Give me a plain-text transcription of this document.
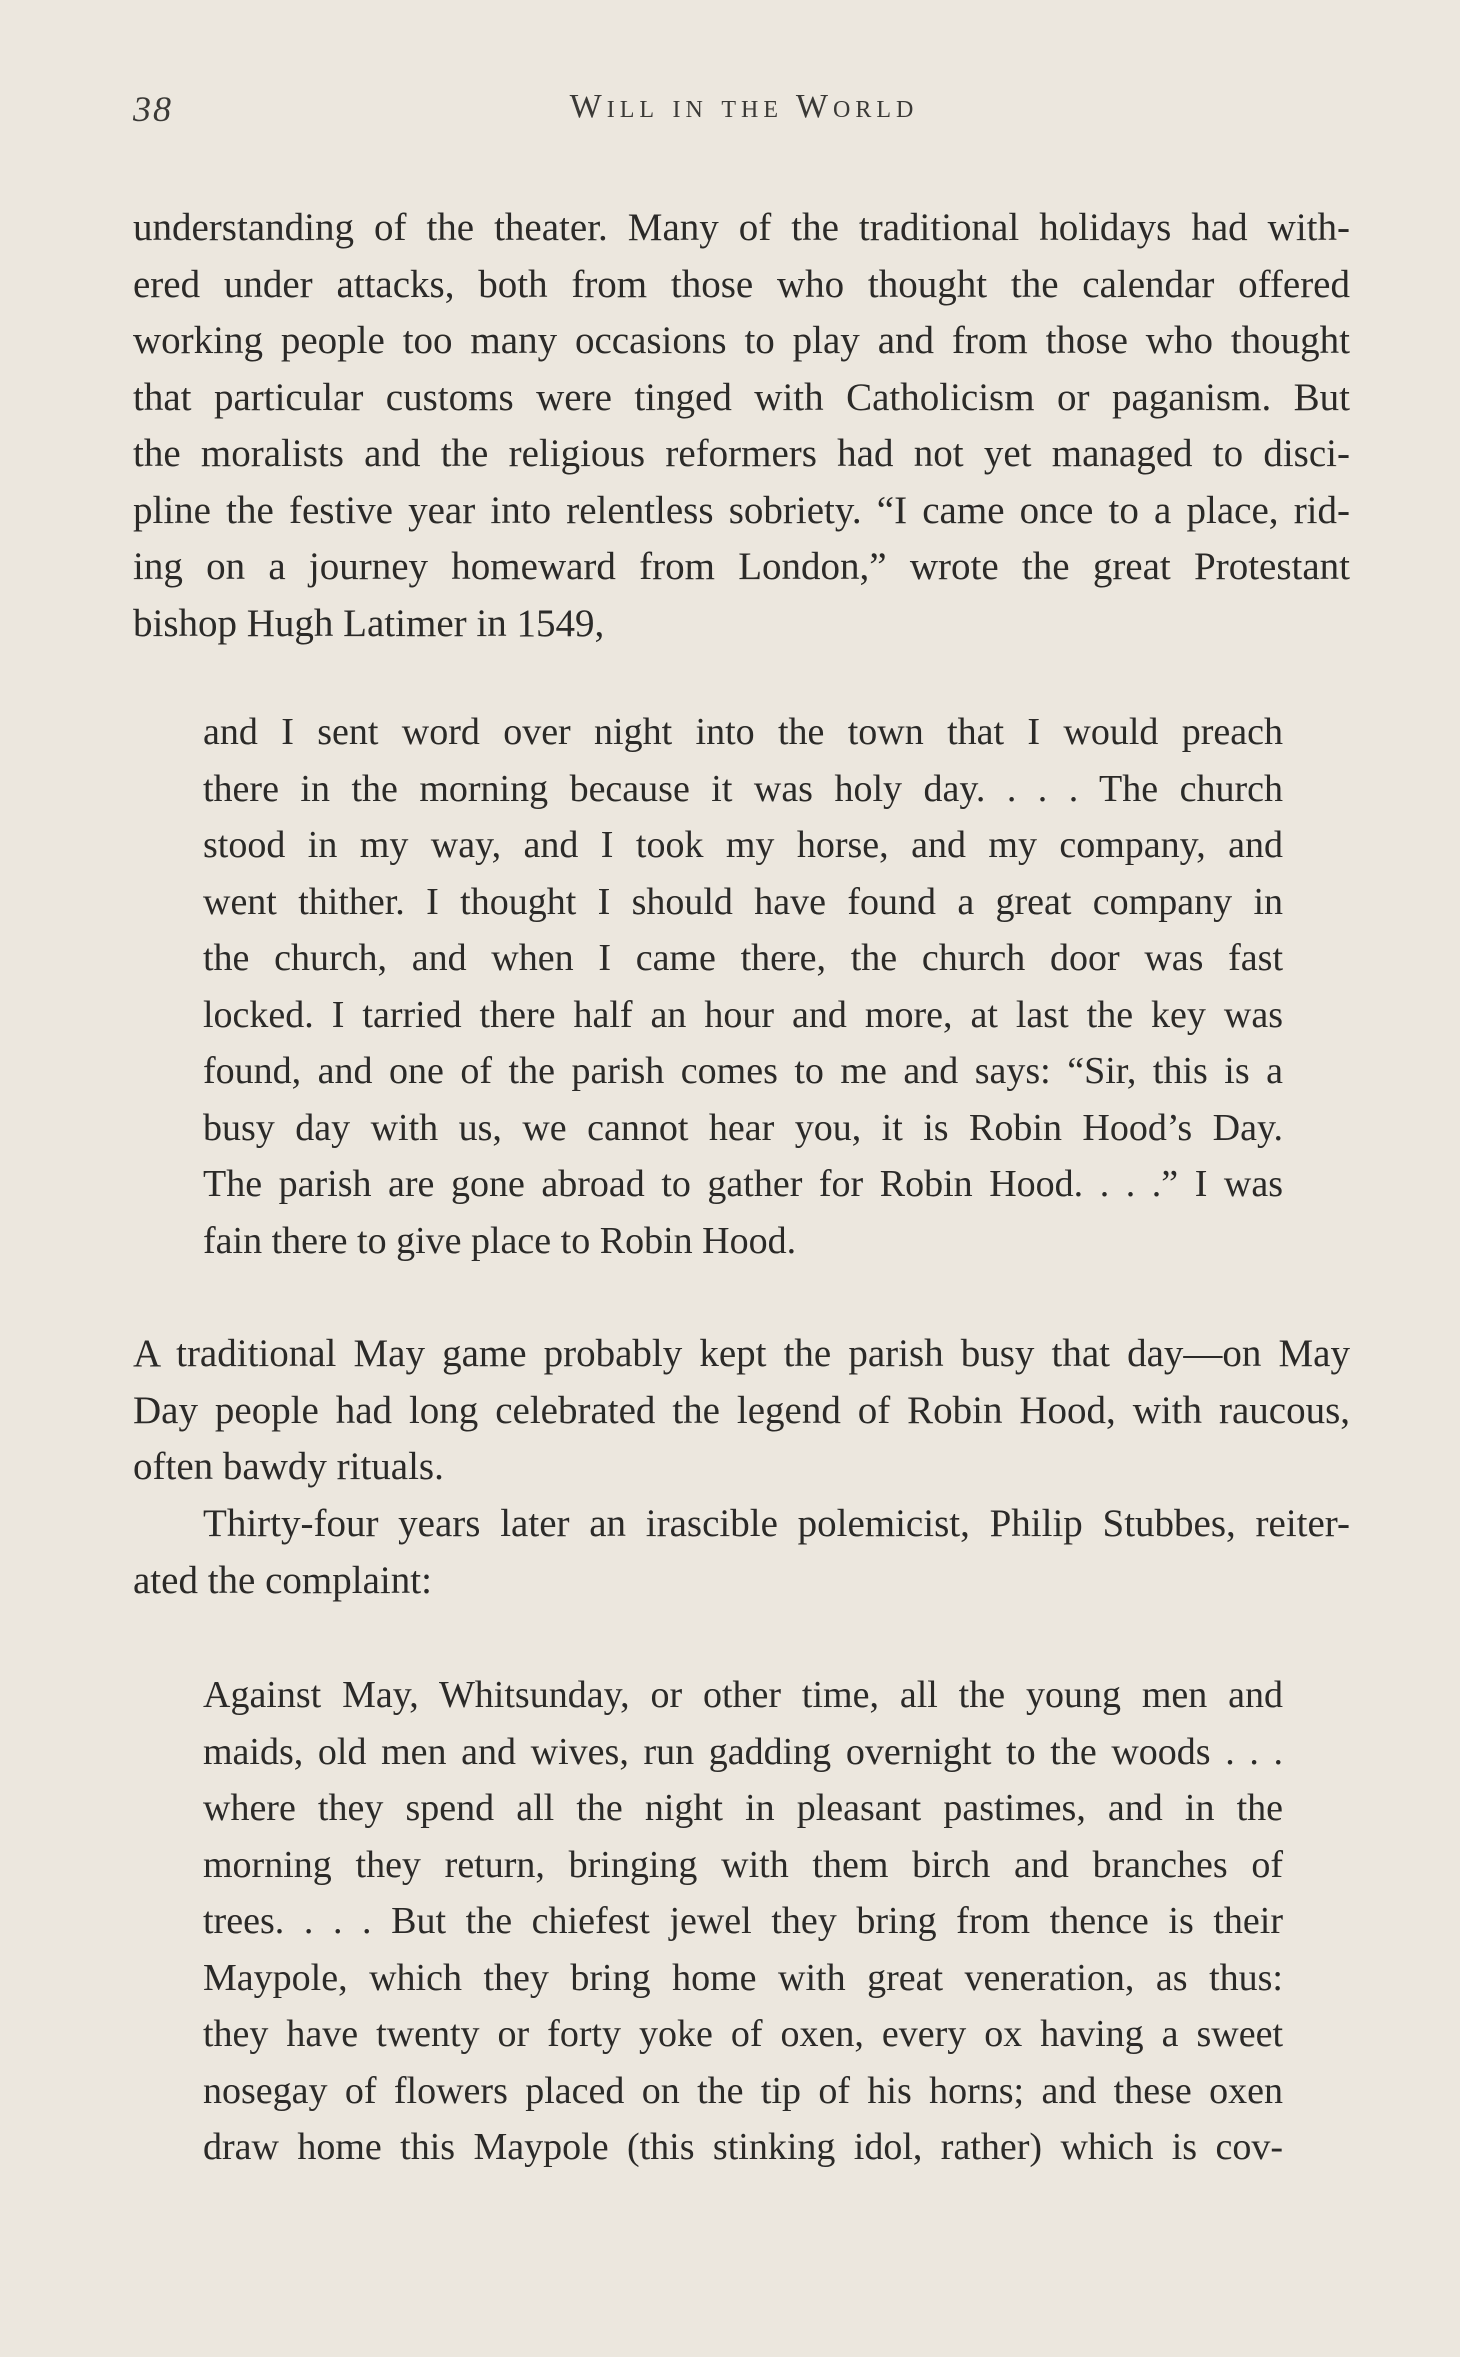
38	Will in the World
understanding of the theater. Many of the traditional holidays had with-
ered under attacks, both from those who thought the calendar offered
working people too many occasions to play and from those who thought
that particular customs were tinged with Catholicism or paganism. But
the moralists and the religious reformers had not yet managed to disci-
pline the festive year into relentless sobriety. “I came once to a place, rid-
ing on a journey homeward from London,” wrote the great Protestant
bishop Hugh Latimer in 1549,
and I sent word over night into the town that I would preach
there in the morning because it was holy day. . . . The church
stood in my way, and I took my horse, and my company, and
went thither. I thought I should have found a great company in
the church, and when I came there, the church door was fast
locked. I tarried there half an hour and more, at last the key was
found, and one of the parish comes to me and says: “Sir, this is a
busy day with us, we cannot hear you, it is Robin Hood’s Day.
The parish are gone abroad to gather for Robin Hood. . . .” I was
fain there to give place to Robin Hood.
A traditional May game probably kept the parish busy that day—on May
Day people had long celebrated the legend of Robin Hood, with raucous,
often bawdy rituals.
Thirty-four years later an irascible polemicist, Philip Stubbes, reiter-
ated the complaint:
Against May, Whitsunday, or other time, all the young men and
maids, old men and wives, run gadding overnight to the woods . . .
where they spend all the night in pleasant pastimes, and in the
morning they return, bringing with them birch and branches of
trees. . . . But the chiefest jewel they bring from thence is their
Maypole, which they bring home with great veneration, as thus:
they have twenty or forty yoke of oxen, every ox having a sweet
nosegay of flowers placed on the tip of his horns; and these oxen
draw home this Maypole (this stinking idol, rather) which is cov-
